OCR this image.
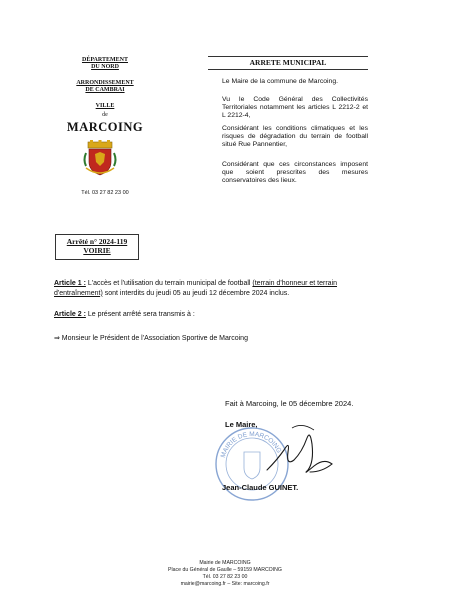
DÉPARTEMENT
DU NORD
ARRONDISSEMENT
DE CAMBRAI
VILLE
de
MARCOING
Tél. 03 27 82 23 00
ARRETE MUNICIPAL
Le Maire de la commune de Marcoing.
Vu le Code Général des Collectivités Territoriales notamment les articles L 2212-2 et L 2212-4,
Considérant les conditions climatiques et les risques de dégradation du terrain de football situé Rue Pannentier,
Considérant que ces circonstances imposent que soient prescrites des mesures conservatoires des lieux.
Arrêté n° 2024-119
VOIRIE
Article 1 : L'accès et l'utilisation du terrain municipal de football (terrain d'honneur et terrain d'entraînement) sont interdits du jeudi 05 au jeudi 12 décembre 2024 inclus.
Article 2 : Le présent arrêté sera transmis à :
⇒ Monsieur le Président de l'Association Sportive de Marcoing
Fait à Marcoing, le 05 décembre 2024.
Le Maire,
MAIRIE DE MARCOING
Jean-Claude GUINET.
Mairie de MARCOING
Place du Général de Gaulle – 59159 MARCOING
Tél. 03 27 82 23 00
mairie@marcoing.fr – Site: marcoing.fr
